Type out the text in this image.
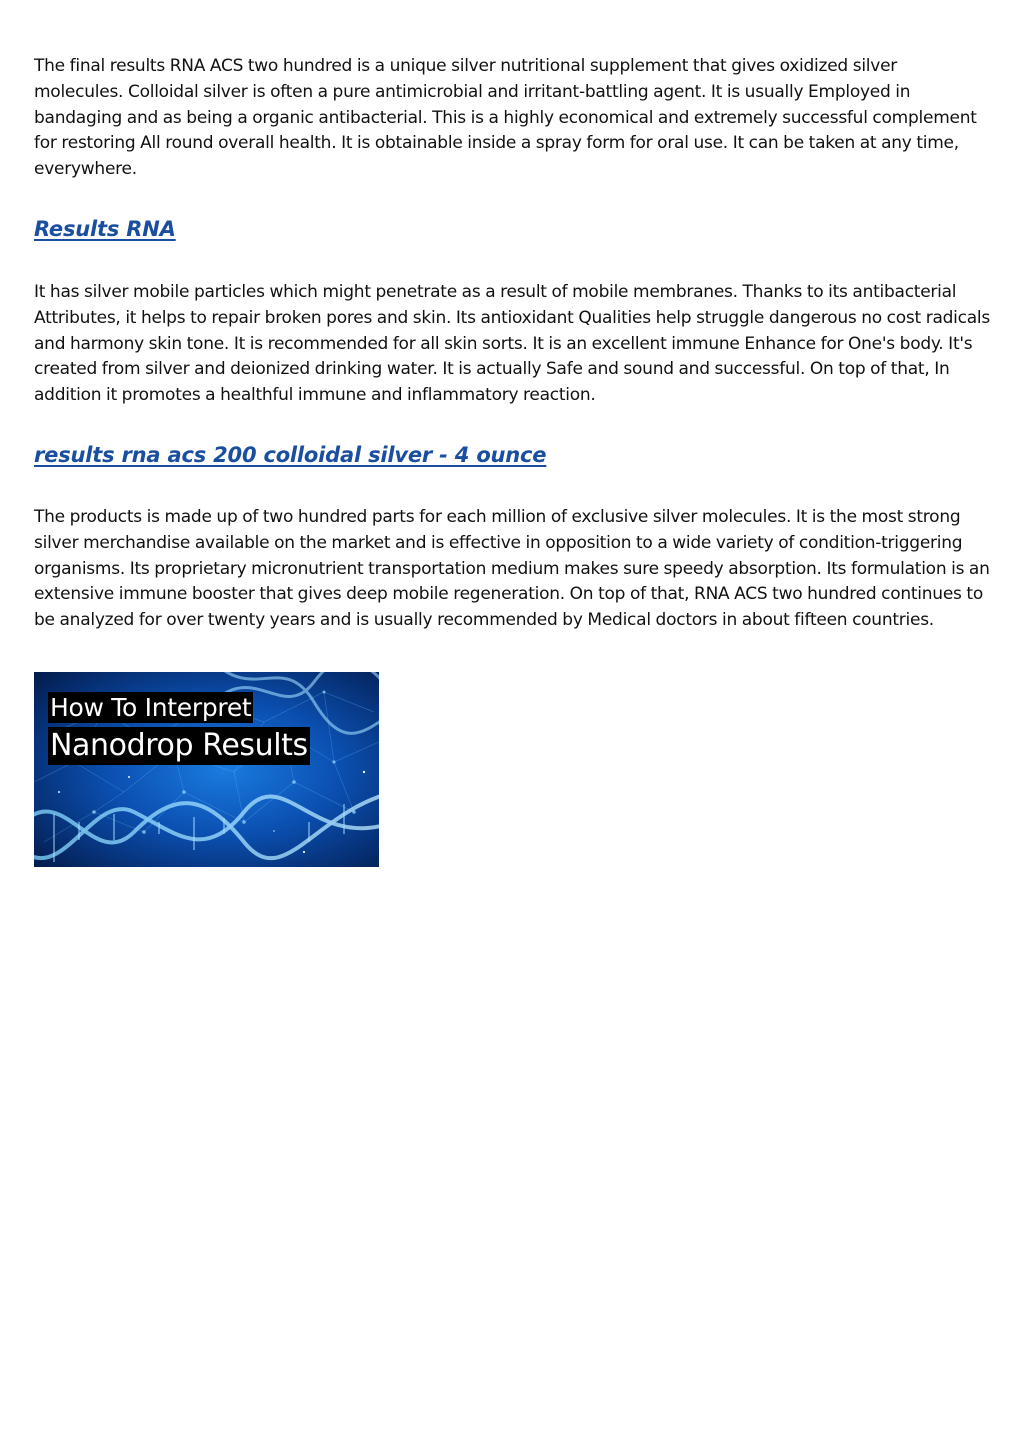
The final results RNA ACS two hundred is a unique silver nutritional supplement that gives oxidized silver molecules. Colloidal silver is often a pure antimicrobial and irritant-battling agent. It is usually Employed in bandaging and as being a organic antibacterial. This is a highly economical and extremely successful complement for restoring All round overall health. It is obtainable inside a spray form for oral use. It can be taken at any time, everywhere.

Results RNA

It has silver mobile particles which might penetrate as a result of mobile membranes. Thanks to its antibacterial Attributes, it helps to repair broken pores and skin. Its antioxidant Qualities help struggle dangerous no cost radicals and harmony skin tone. It is recommended for all skin sorts. It is an excellent immune Enhance for One's body. It's created from silver and deionized drinking water. It is actually Safe and sound and successful. On top of that, In addition it promotes a healthful immune and inflammatory reaction.

results rna acs 200 colloidal silver - 4 ounce

The products is made up of two hundred parts for each million of exclusive silver molecules. It is the most strong silver merchandise available on the market and is effective in opposition to a wide variety of condition-triggering organisms. Its proprietary micronutrient transportation medium makes sure speedy absorption. Its formulation is an extensive immune booster that gives deep mobile regeneration. On top of that, RNA ACS two hundred continues to be analyzed for over twenty years and is usually recommended by Medical doctors in about fifteen countries.

How To Interpret
Nanodrop Results
